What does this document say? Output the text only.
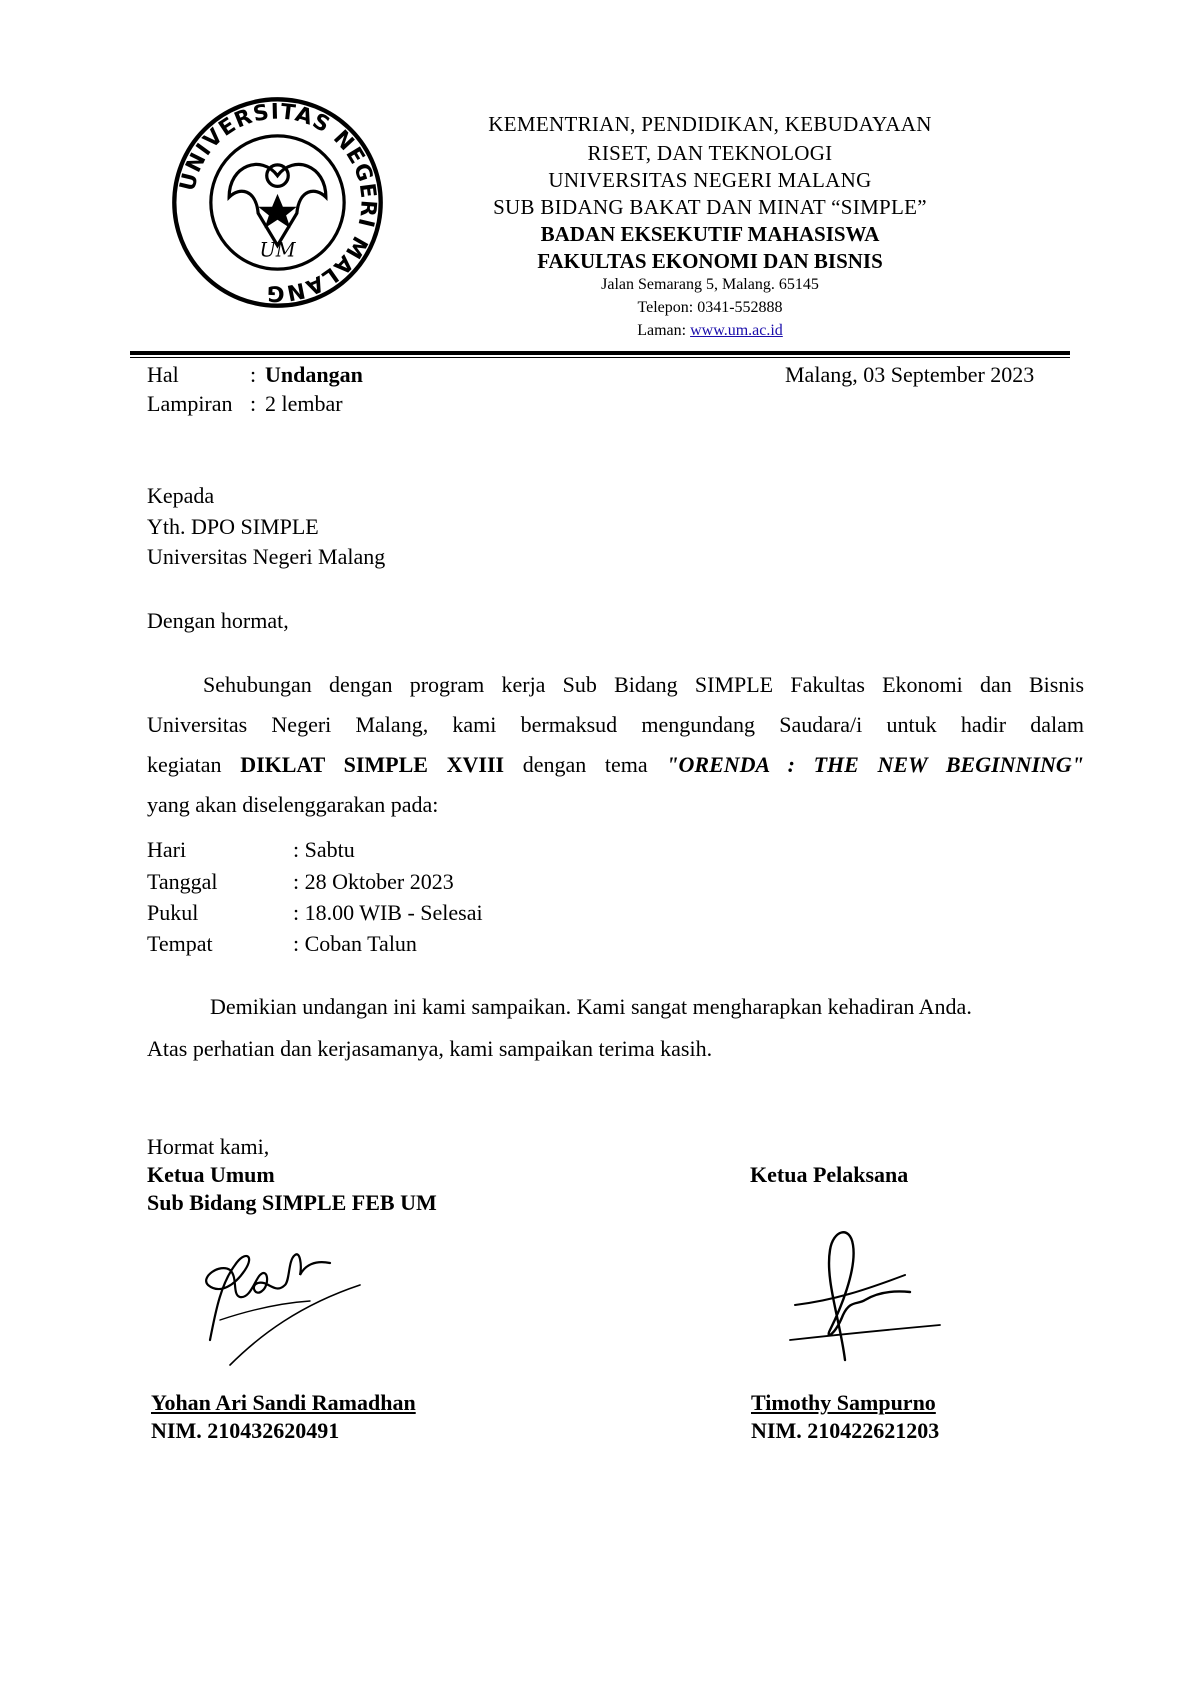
UNIVERSITAS NEGERI MALANG
UM
KEMENTRIAN, PENDIDIKAN, KEBUDAYAAN
RISET, DAN TEKNOLOGI
UNIVERSITAS NEGERI MALANG
SUB BIDANG BAKAT DAN MINAT “SIMPLE”
BADAN EKSEKUTIF MAHASISWA
FAKULTAS EKONOMI DAN BISNIS
Jalan Semarang 5, Malang. 65145
Telepon: 0341-552888
Laman: www.um.ac.id
Hal	: Undangan	Malang, 03 September 2023
Lampiran : 2 lembar
Kepada
Yth. DPO SIMPLE
Universitas Negeri Malang
Dengan hormat,
Sehubungan dengan program kerja Sub Bidang SIMPLE Fakultas Ekonomi dan Bisnis
Universitas Negeri Malang, kami bermaksud mengundang Saudara/i untuk hadir dalam
kegiatan DIKLAT SIMPLE XVIII dengan tema "ORENDA : THE NEW BEGINNING"
yang akan diselenggarakan pada:
Hari	: Sabtu
Tanggal	: 28 Oktober 2023
Pukul	: 18.00 WIB - Selesai
Tempat	: Coban Talun
Demikian undangan ini kami sampaikan. Kami sangat mengharapkan kehadiran Anda.
Atas perhatian dan kerjasamanya, kami sampaikan terima kasih.
Hormat kami,
Ketua Umum
Sub Bidang SIMPLE FEB UM
Ketua Pelaksana
Yohan Ari Sandi Ramadhan
NIM. 210432620491
Timothy Sampurno
NIM. 210422621203
